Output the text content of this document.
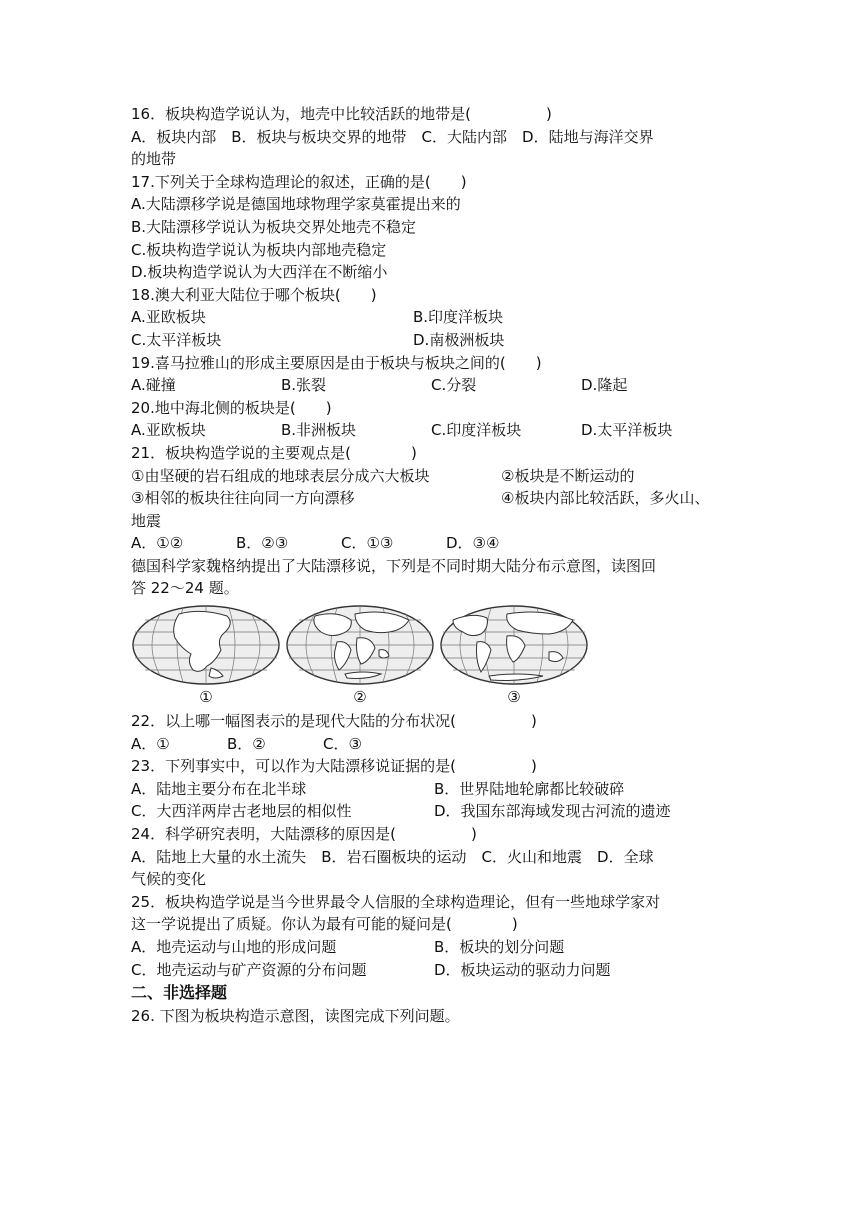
16．板块构造学说认为，地壳中比较活跃的地带是(　　　　　)
A．板块内部　B．板块与板块交界的地带　C．大陆内部　D．陆地与海洋交界
的地带
17.下列关于全球构造理论的叙述，正确的是(　　)
A.大陆漂移学说是德国地球物理学家莫霍提出来的
B.大陆漂移学说认为板块交界处地壳不稳定
C.板块构造学说认为板块内部地壳稳定
D.板块构造学说认为大西洋在不断缩小
18.澳大利亚大陆位于哪个板块(　　)
A.亚欧板块	B.印度洋板块
C.太平洋板块	D.南极洲板块
19.喜马拉雅山的形成主要原因是由于板块与板块之间的(　　)
A.碰撞	B.张裂	C.分裂	D.隆起
20.地中海北侧的板块是(　　)
A.亚欧板块	B.非洲板块	C.印度洋板块	D.太平洋板块
21．板块构造学说的主要观点是(　　　　)
①由坚硬的岩石组成的地球表层分成六大板块	②板块是不断运动的
③相邻的板块往往向同一方向漂移	④板块内部比较活跃，多火山、
地震
A．①②	B．②③	C．①③	D．③④
德国科学家魏格纳提出了大陆漂移说，下列是不同时期大陆分布示意图，读图回
答 22～24 题。
①	②	③
22．以上哪一幅图表示的是现代大陆的分布状况(　　　　　)
A．①	B．②	C．③
23．下列事实中，可以作为大陆漂移说证据的是(　　　　　)
A．陆地主要分布在北半球	B．世界陆地轮廓都比较破碎
C．大西洋两岸古老地层的相似性	D．我国东部海域发现古河流的遗迹
24．科学研究表明，大陆漂移的原因是(　　　　　)
A．陆地上大量的水土流失　B．岩石圈板块的运动　C．火山和地震　D．全球
气候的变化
25．板块构造学说是当今世界最令人信服的全球构造理论，但有一些地球学家对
这一学说提出了质疑。你认为最有可能的疑问是(　　　　)
A．地壳运动与山地的形成问题	B．板块的划分问题
C．地壳运动与矿产资源的分布问题	D．板块运动的驱动力问题
二、非选择题
26. 下图为板块构造示意图，读图完成下列问题。
